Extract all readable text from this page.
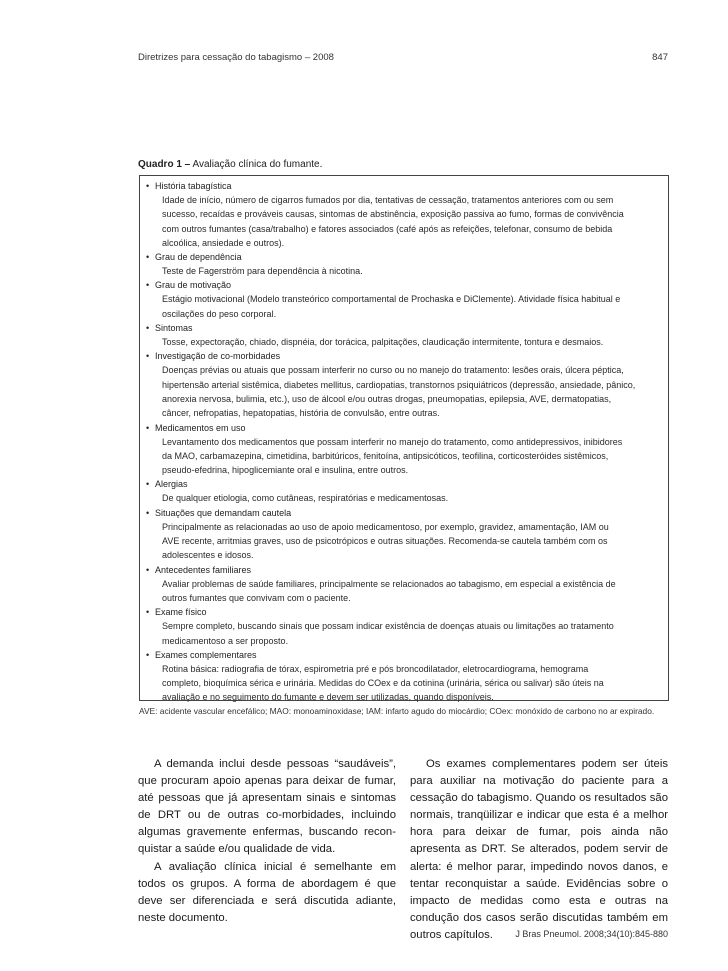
Diretrizes para cessação do tabagismo – 2008	847
Quadro 1 – Avaliação clínica do fumante.
• História tabagística
Idade de início, número de cigarros fumados por dia, tentativas de cessação, tratamentos anteriores com ou sem
sucesso, recaídas e prováveis causas, sintomas de abstinência, exposição passiva ao fumo, formas de convivência
com outros fumantes (casa/trabalho) e fatores associados (café após as refeições, telefonar, consumo de bebida
alcoólica, ansiedade e outros).
• Grau de dependência
Teste de Fagerström para dependência à nicotina.
• Grau de motivação
Estágio motivacional (Modelo transteórico comportamental de Prochaska e DiClemente). Atividade física habitual e
oscilações do peso corporal.
• Sintomas
Tosse, expectoração, chiado, dispnéia, dor torácica, palpitações, claudicação intermitente, tontura e desmaios.
• Investigação de co-morbidades
Doenças prévias ou atuais que possam interferir no curso ou no manejo do tratamento: lesões orais, úlcera péptica,
hipertensão arterial sistêmica, diabetes mellitus, cardiopatias, transtornos psiquiátricos (depressão, ansiedade, pânico,
anorexia nervosa, bulimia, etc.), uso de álcool e/ou outras drogas, pneumopatias, epilepsia, AVE, dermatopatias,
câncer, nefropatias, hepatopatias, história de convulsão, entre outras.
• Medicamentos em uso
Levantamento dos medicamentos que possam interferir no manejo do tratamento, como antidepressivos, inibidores
da MAO, carbamazepina, cimetidina, barbitúricos, fenitoína, antipsicóticos, teofilina, corticosteróides sistêmicos,
pseudo-efedrina, hipoglicemiante oral e insulina, entre outros.
• Alergias
De qualquer etiologia, como cutâneas, respiratórias e medicamentosas.
• Situações que demandam cautela
Principalmente as relacionadas ao uso de apoio medicamentoso, por exemplo, gravidez, amamentação, IAM ou
AVE recente, arritmias graves, uso de psicotrópicos e outras situações. Recomenda-se cautela também com os
adolescentes e idosos.
• Antecedentes familiares
Avaliar problemas de saúde familiares, principalmente se relacionados ao tabagismo, em especial a existência de
outros fumantes que convivam com o paciente.
• Exame físico
Sempre completo, buscando sinais que possam indicar existência de doenças atuais ou limitações ao tratamento
medicamentoso a ser proposto.
• Exames complementares
Rotina básica: radiografia de tórax, espirometria pré e pós broncodilatador, eletrocardiograma, hemograma
completo, bioquímica sérica e urinária. Medidas do COex e da cotinina (urinária, sérica ou salivar) são úteis na
avaliação e no seguimento do fumante e devem ser utilizadas, quando disponíveis.
AVE: acidente vascular encefálico; MAO: monoaminoxidase; IAM: infarto agudo do miocárdio; COex: monóxido de carbono no ar expirado.

A demanda inclui desde pessoas “saudáveis”, que procuram apoio apenas para deixar de fumar, até pessoas que já apresentam sinais e sintomas de DRT ou de outras co-morbidades, incluindo algumas gravemente enfermas, buscando reconquistar a saúde e/ou qualidade de vida.

A avaliação clínica inicial é semelhante em todos os grupos. A forma de abordagem é que deve ser diferenciada e será discutida adiante, neste documento.

Os exames complementares podem ser úteis para auxiliar na motivação do paciente para a cessação do tabagismo. Quando os resultados são normais, tranqüilizar e indicar que esta é a melhor hora para deixar de fumar, pois ainda não apresenta as DRT. Se alterados, podem servir de alerta: é melhor parar, impedindo novos danos, e tentar reconquistar a saúde. Evidências sobre o impacto de medidas como esta e outras na condução dos casos serão discutidas também em outros capítulos.	J Bras Pneumol. 2008;34(10):845-880
